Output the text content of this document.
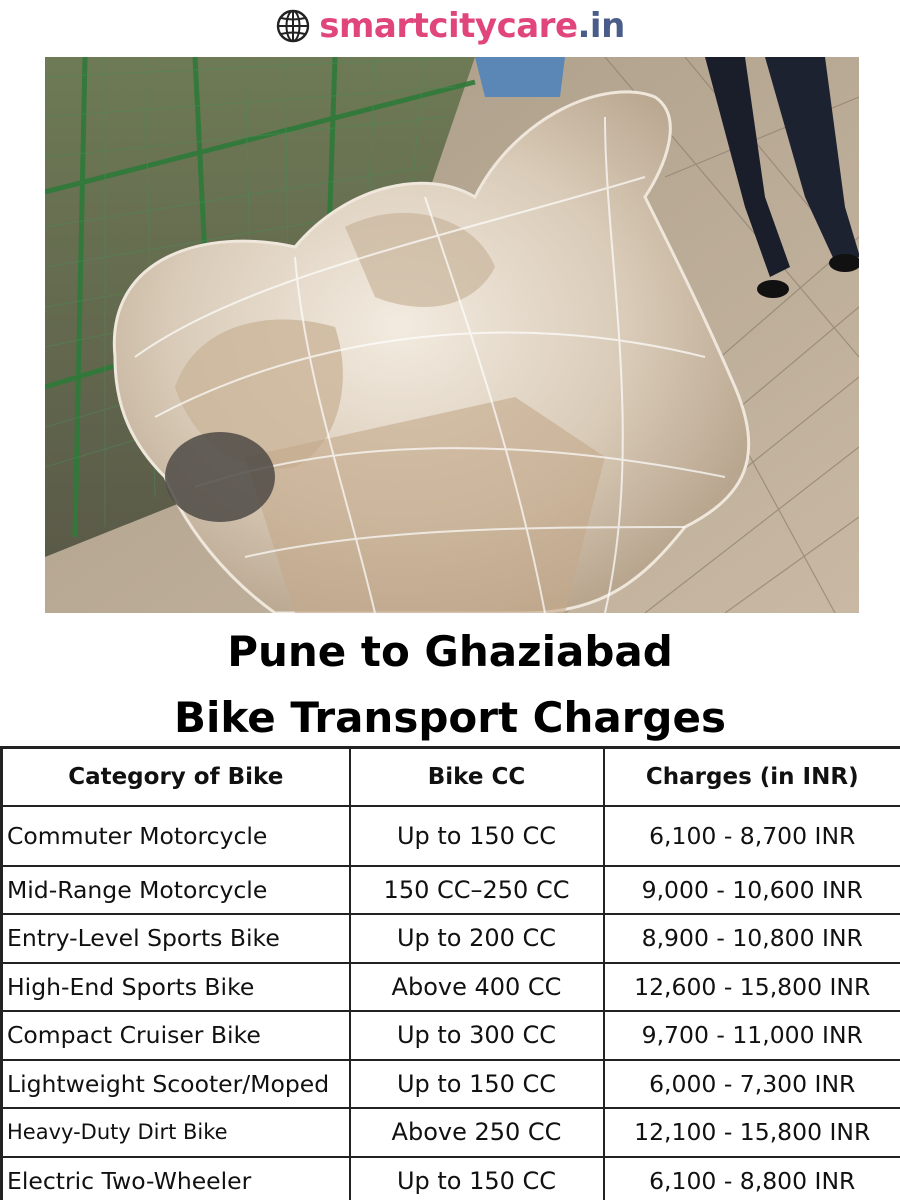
smartcitycare.in
Pune to Ghaziabad
Bike Transport Charges
Category of Bike	Bike CC	Charges (in INR)
Commuter Motorcycle	Up to 150 CC	6,100 - 8,700 INR
Mid-Range Motorcycle	150 CC–250 CC	9,000 - 10,600 INR
Entry-Level Sports Bike	Up to 200 CC	8,900 - 10,800 INR
High-End Sports Bike	Above 400 CC	12,600 - 15,800 INR
Compact Cruiser Bike	Up to 300 CC	9,700 - 11,000 INR
Lightweight Scooter/Moped	Up to 150 CC	6,000 - 7,300 INR
Heavy-Duty Dirt Bike	Above 250 CC	12,100 - 15,800 INR
Electric Two-Wheeler	Up to 150 CC	6,100 - 8,800 INR
